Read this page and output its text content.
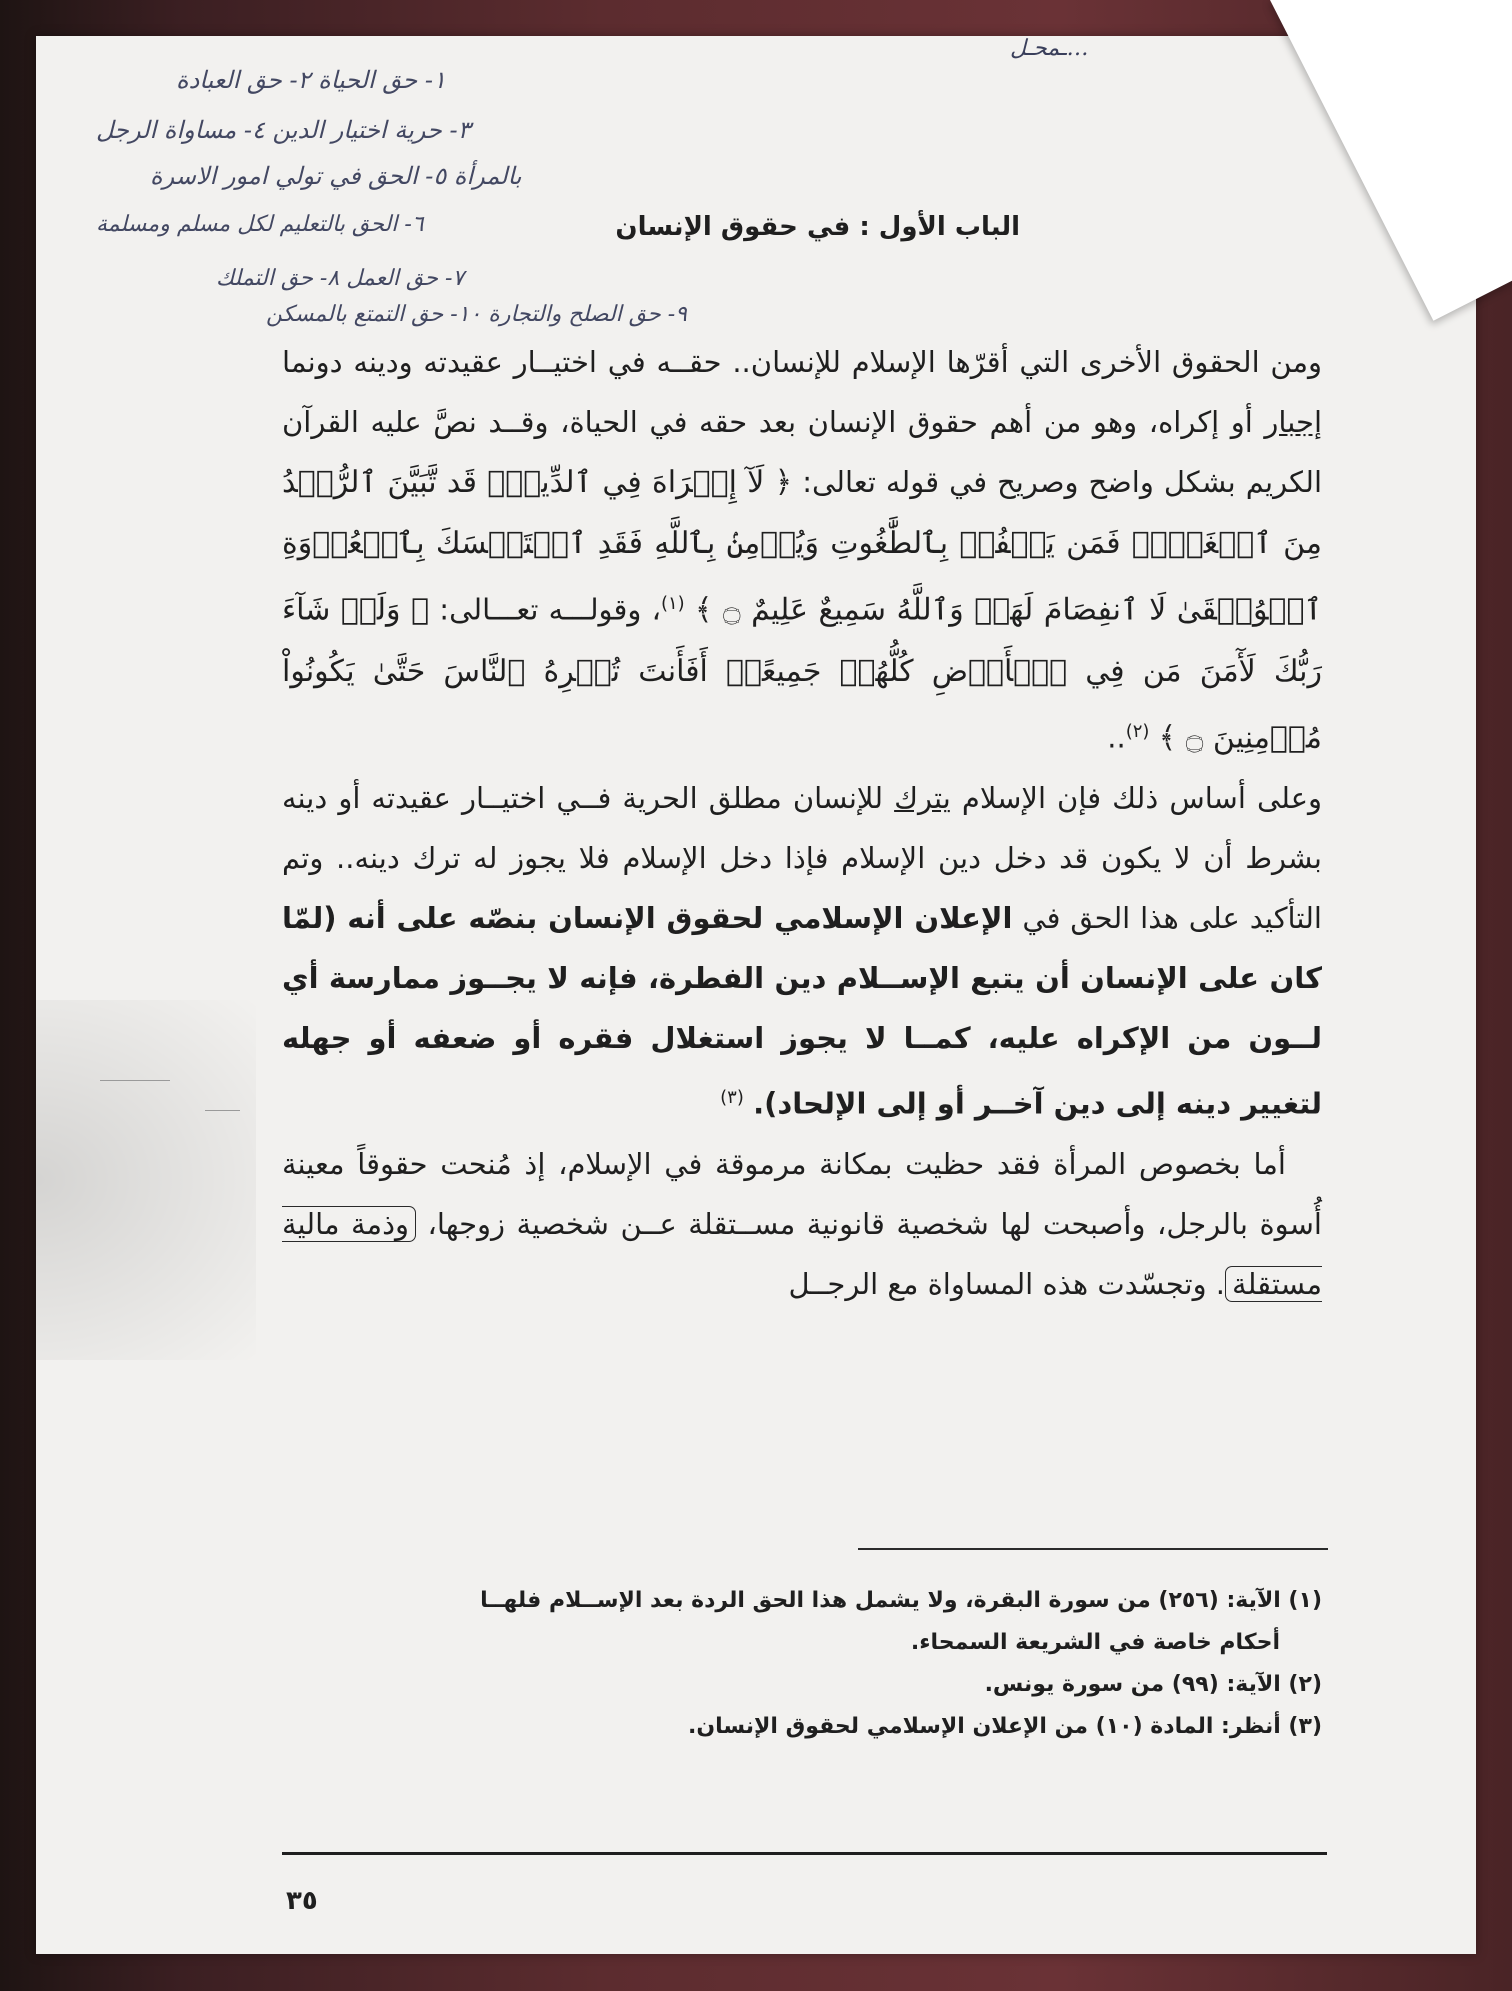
…ـمحـل
١- حق الحياة ٢- حق العبادة
٣- حرية اختيار الدين ٤- مساواة الرجل
بالمرأة ٥- الحق في تولي امور الاسرة
٦- الحق بالتعليم لكل مسلم ومسلمة
٧- حق العمل ٨- حق التملك
٩- حق الصلح والتجارة ١٠- حق التمتع بالمسكن
الباب الأول : في حقوق الإنسان

ومن الحقوق الأخرى التي أقرّها الإسلام للإنسان.. حقــه في اختيــار عقيدته ودينه دونما إجبار أو إكراه، وهو من أهم حقوق الإنسان بعد حقه في الحياة، وقــد نصَّ عليه القرآن الكريم بشكل واضح وصريح في قوله تعالى: ﴿ لَآ إِكۡرَاهَ فِي ٱلدِّينِۖ قَد تَّبَيَّنَ ٱلرُّشۡدُ مِنَ ٱلۡغَيِّۚ فَمَن يَكۡفُرۡ بِٱلطَّٰغُوتِ وَيُؤۡمِنۢ بِٱللَّهِ فَقَدِ ٱسۡتَمۡسَكَ بِٱلۡعُرۡوَةِ ٱلۡوُثۡقَىٰ لَا ٱنفِصَامَ لَهَاۗ وَٱللَّهُ سَمِيعٌ عَلِيمٌ ۝ ﴾ $^{(١)}$، وقولـــه تعـــالى: ﴿ وَلَوۡ شَآءَ رَبُّكَ لَأٓمَنَ مَن فِي ٱلۡأَرۡضِ كُلُّهُمۡ جَمِيعًاۚ أَفَأَنتَ تُكۡرِهُ ٱلنَّاسَ حَتَّىٰ يَكُونُواْ مُؤۡمِنِينَ ۝ ﴾ $^{(٢)}$..

وعلى أساس ذلك فإن الإسلام يترك للإنسان مطلق الحرية فــي اختيــار عقيدته أو دينه بشرط أن لا يكون قد دخل دين الإسلام فإذا دخل الإسلام فلا يجوز له ترك دينه.. وتم التأكيد على هذا الحق في الإعلان الإسلامي لحقوق الإنسان بنصّه على أنه (لمّا كان على الإنسان أن يتبع الإســلام دين الفطرة، فإنه لا يجــوز ممارسة أي لــون من الإكراه عليه، كمــا لا يجوز استغلال فقره أو ضعفه أو جهله لتغيير دينه إلى دين آخــر أو إلى الإلحاد). $^{(٣)}$

أما بخصوص المرأة فقد حظيت بمكانة مرموقة في الإسلام، إذ مُنحت حقوقاً معينة أُسوة بالرجل، وأصبحت لها شخصية قانونية مســتقلة عــن شخصية زوجها، وذمة مالية مستقلة. وتجسّدت هذه المساواة مع الرجــل

(١) الآية: (٢٥٦) من سورة البقرة، ولا يشمل هذا الحق الردة بعد الإســلام فلهــا
أحكام خاصة في الشريعة السمحاء.
(٢) الآية: (٩٩) من سورة يونس.
(٣) أنظر: المادة (١٠) من الإعلان الإسلامي لحقوق الإنسان.
٣٥
